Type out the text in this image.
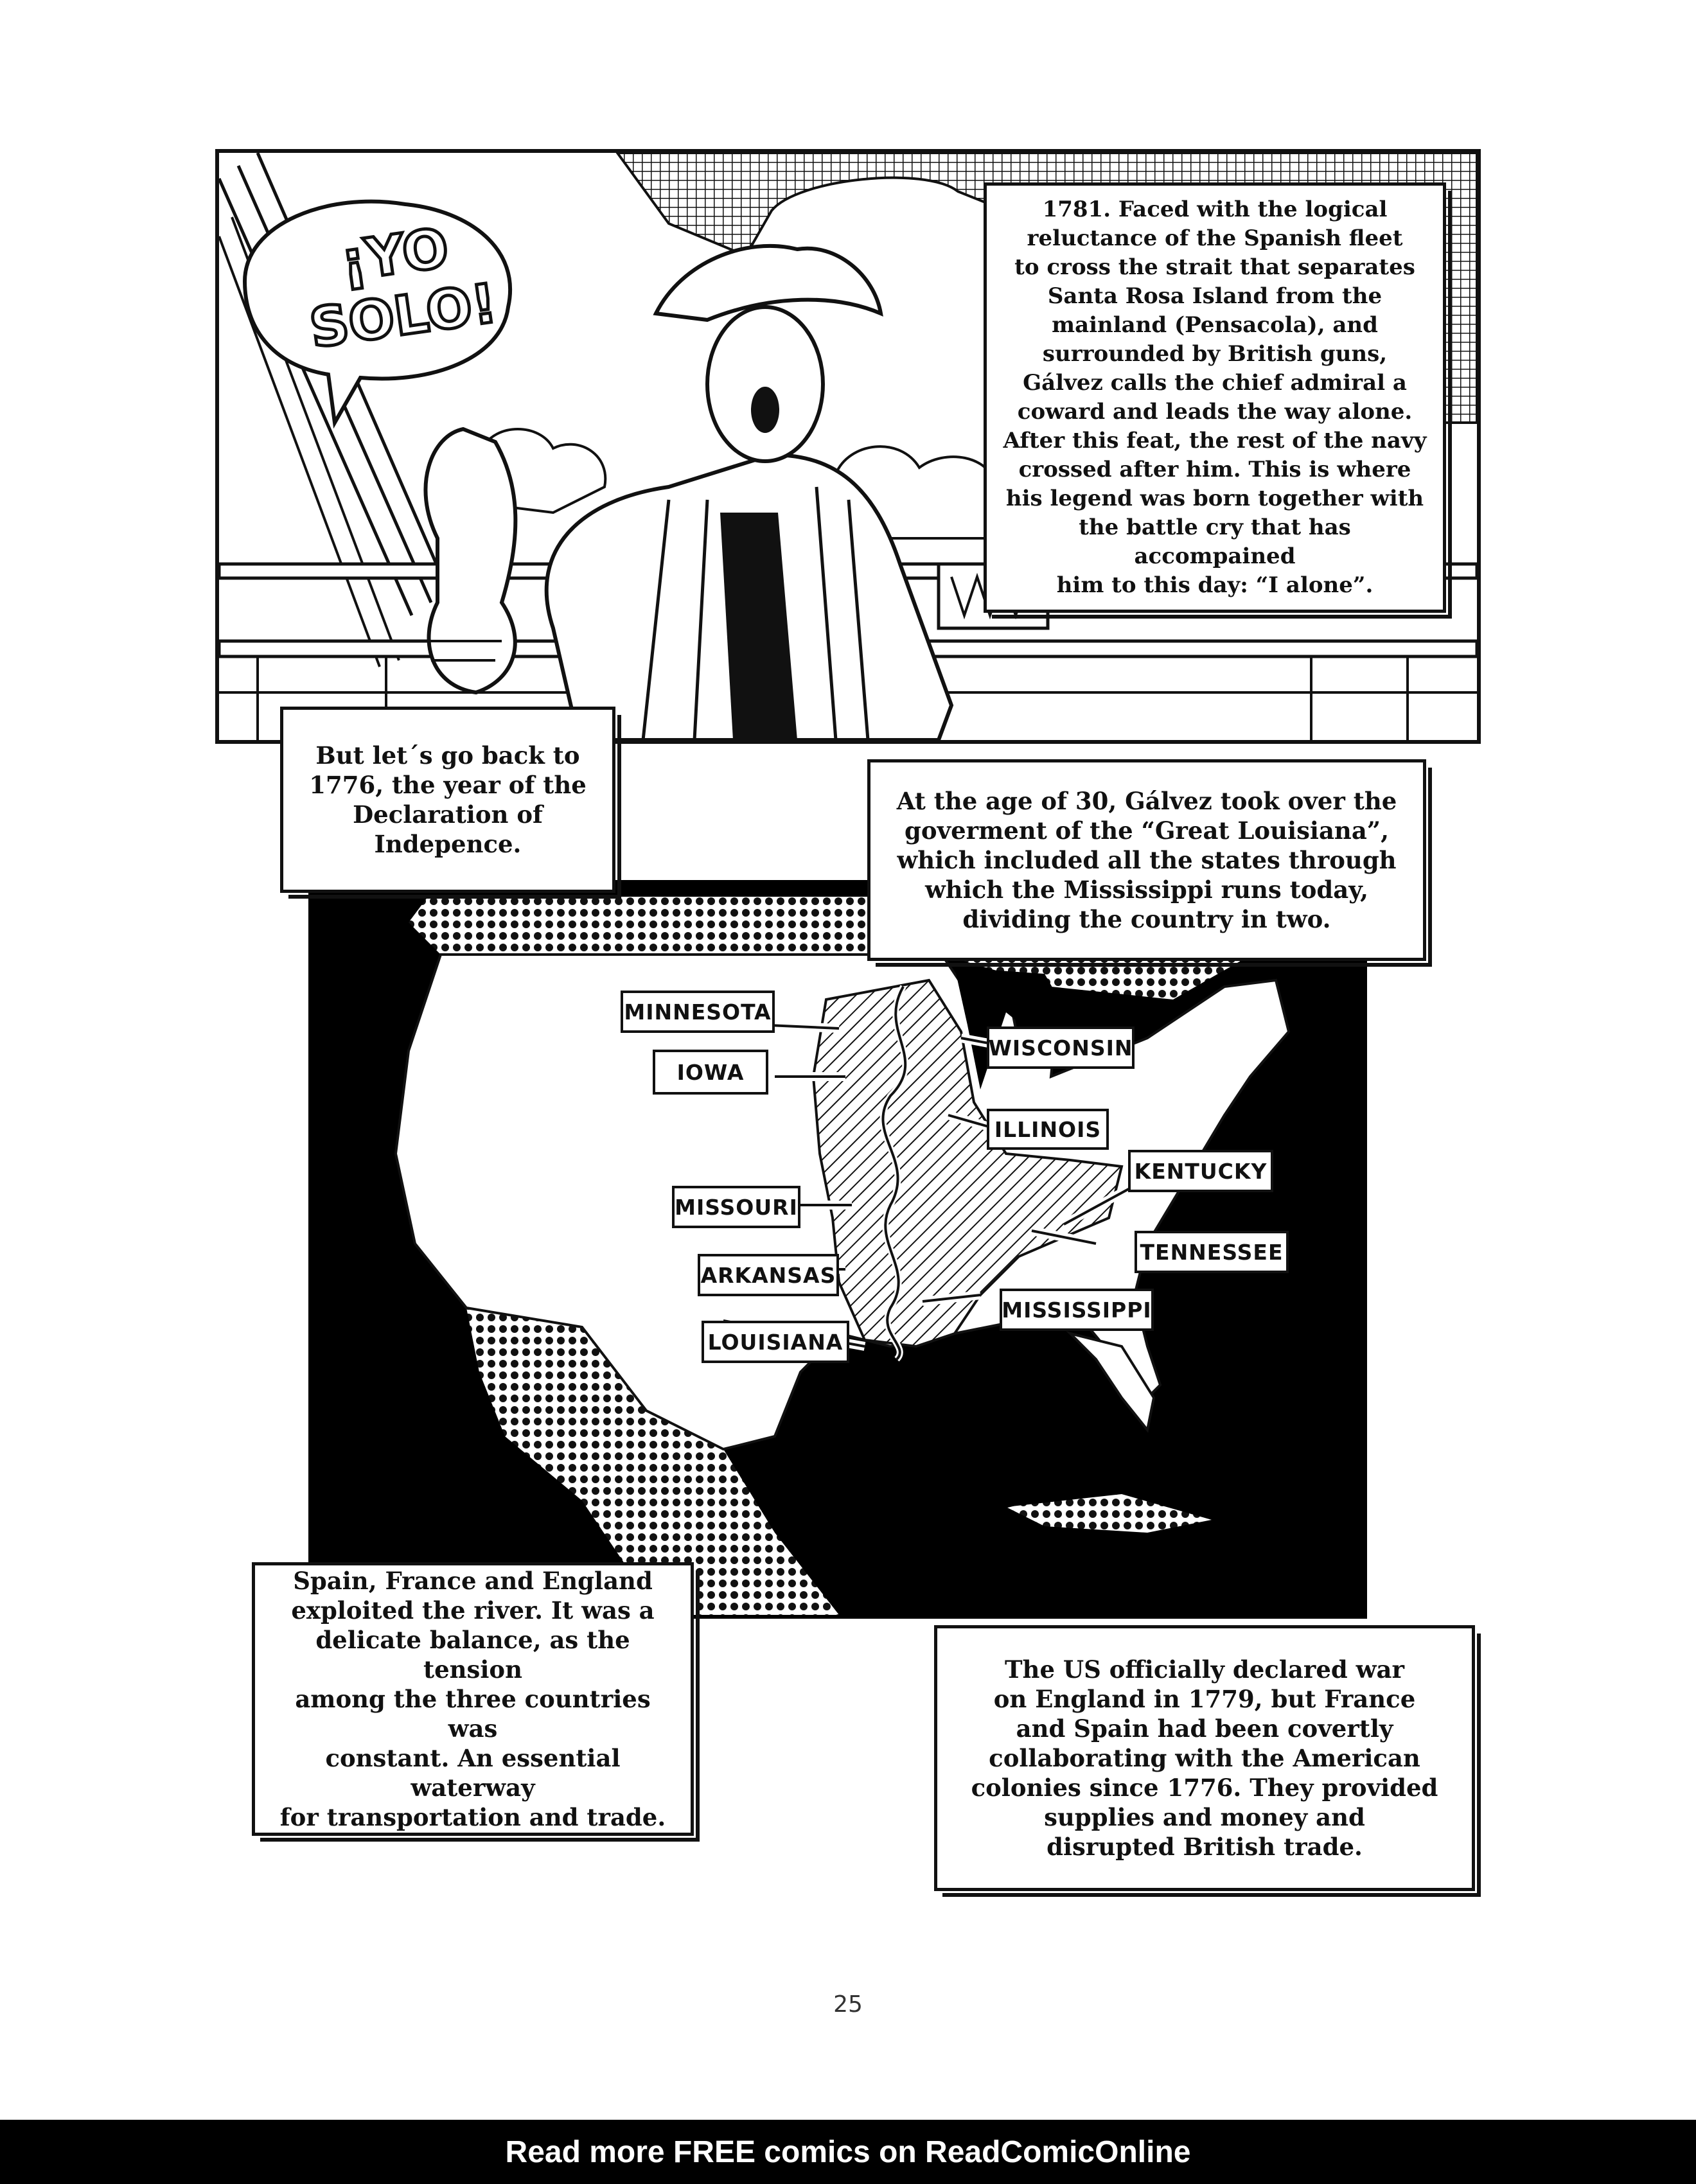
¡YO SOLO!
1781. Faced with the logical
reluctance of the Spanish fleet
to cross the strait that separates
Santa Rosa Island from the
mainland (Pensacola), and
surrounded by British guns,
Gálvez calls the chief admiral a
coward and leads the way alone.
After this feat, the rest of the navy
crossed after him. This is where
his legend was born together with
the battle cry that has accompained
him to this day: “I alone”.
MINNESOTA
WISCONSIN
IOWA
ILLINOIS
KENTUCKY
MISSOURI
TENNESSEE
ARKANSAS
MISSISSIPPI
LOUISIANA
But let´s go back to
1776, the year of the
Declaration of
Indepence.
At the age of 30, Gálvez took over the
goverment of the “Great Louisiana”,
which included all the states through
which the Mississippi runs today,
dividing the country in two.
Spain, France and England
exploited the river. It was a
delicate balance, as the tension
among the three countries was
constant. An essential waterway
for transportation and trade.
The US officially declared war
on England in 1779, but France
and Spain had been covertly
collaborating with the American
colonies since 1776. They provided
supplies and money and
disrupted British trade.
25
Read more FREE comics on ReadComicOnline
